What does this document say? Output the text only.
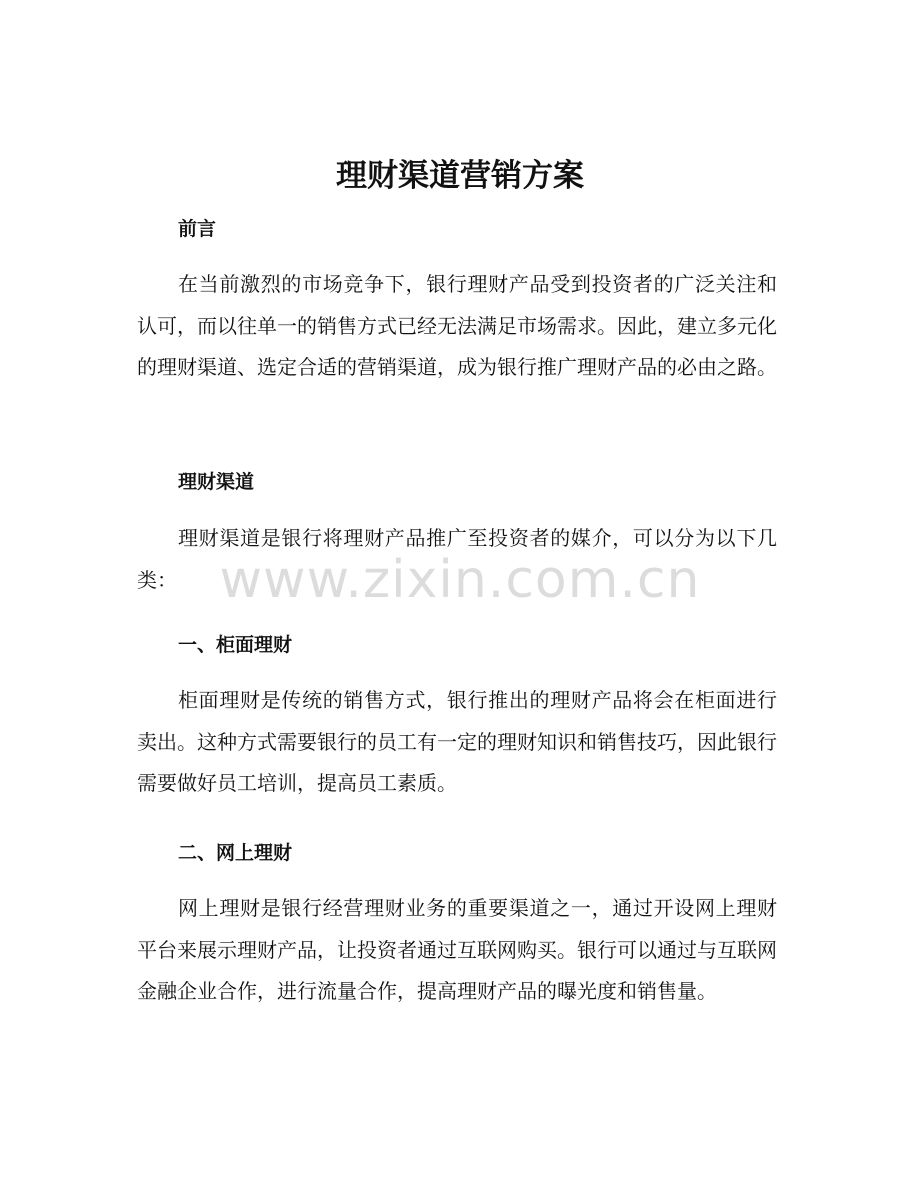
理财渠道营销方案
前言

在当前激烈的市场竞争下，银行理财产品受到投资者的广泛关注和认可，而以往单一的销售方式已经无法满足市场需求。因此，建立多元化的理财渠道、选定合适的营销渠道，成为银行推广理财产品的必由之路。

理财渠道

理财渠道是银行将理财产品推广至投资者的媒介，可以分为以下几类：

一、柜面理财

柜面理财是传统的销售方式，银行推出的理财产品将会在柜面进行卖出。这种方式需要银行的员工有一定的理财知识和销售技巧，因此银行需要做好员工培训，提高员工素质。

二、网上理财

网上理财是银行经营理财业务的重要渠道之一，通过开设网上理财平台来展示理财产品，让投资者通过互联网购买。银行可以通过与互联网金融企业合作，进行流量合作，提高理财产品的曝光度和销售量。

www.zixin.com.cn
